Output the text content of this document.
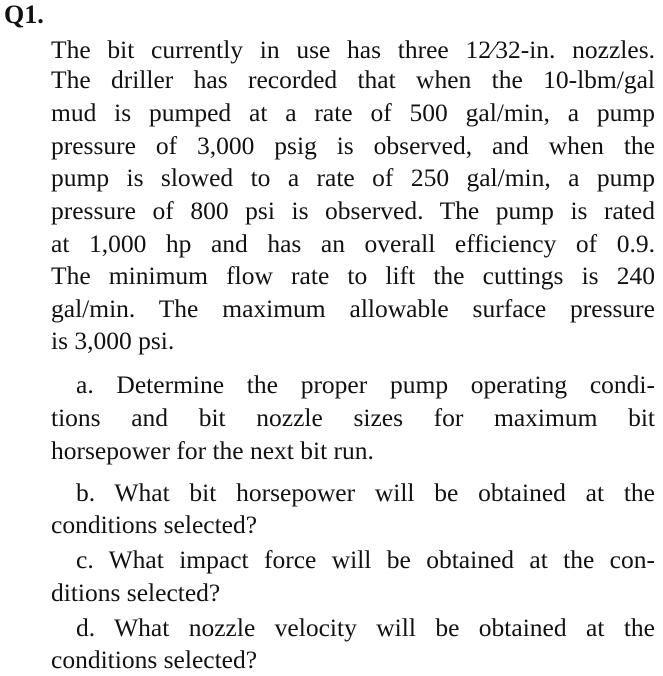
Q1.
The bit currently in use has three 12⁄32-in. nozzles.
The driller has recorded that when the 10-lbm/gal
mud is pumped at a rate of 500 gal/min, a pump
pressure of 3,000 psig is observed, and when the
pump is slowed to a rate of 250 gal/min, a pump
pressure of 800 psi is observed. The pump is rated
at 1,000 hp and has an overall efficiency of 0.9.
The minimum flow rate to lift the cuttings is 240
gal/min. The maximum allowable surface pressure
is 3,000 psi.
a. Determine the proper pump operating condi-
tions and bit nozzle sizes for maximum bit
horsepower for the next bit run.
b. What bit horsepower will be obtained at the
conditions selected?
c. What impact force will be obtained at the con-
ditions selected?
d. What nozzle velocity will be obtained at the
conditions selected?
